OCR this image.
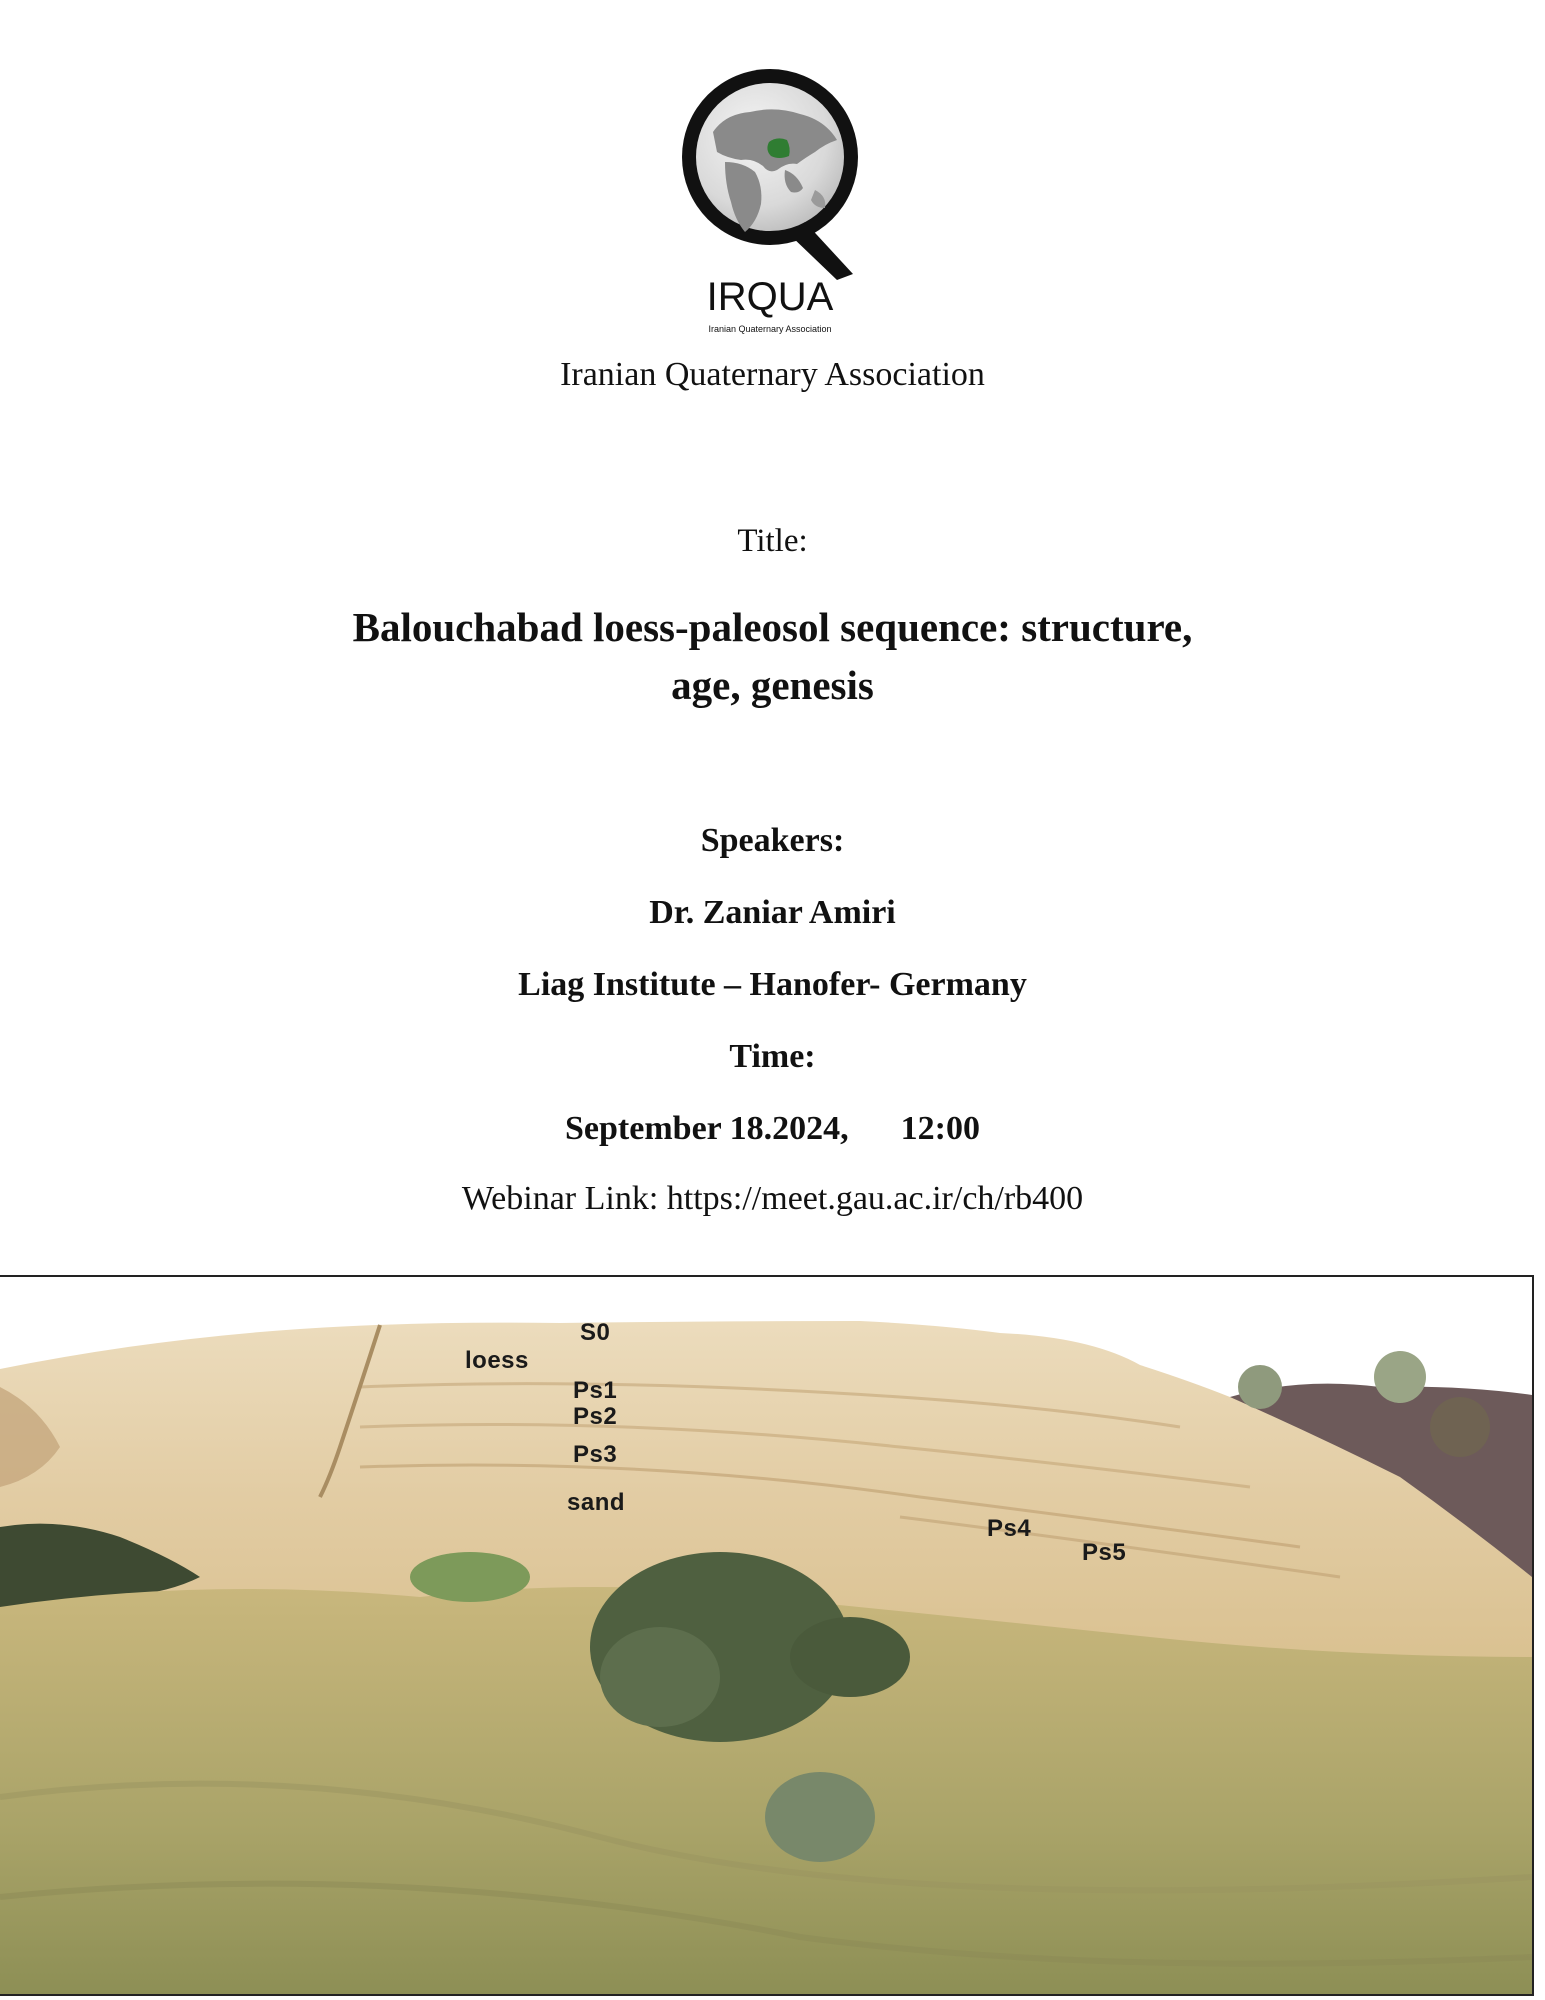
IRQUA
Iranian Quaternary Association
Iranian Quaternary Association
Title:
Balouchabad loess-paleosol sequence: structure,
age, genesis
Speakers:
Dr. Zaniar Amiri
Liag Institute – Hanofer- Germany
Time:
September 18.2024, 12:00
Webinar Link: https://meet.gau.ac.ir/ch/rb400
S0
loess
Ps1
Ps2
Ps3
sand
Ps4
Ps5
